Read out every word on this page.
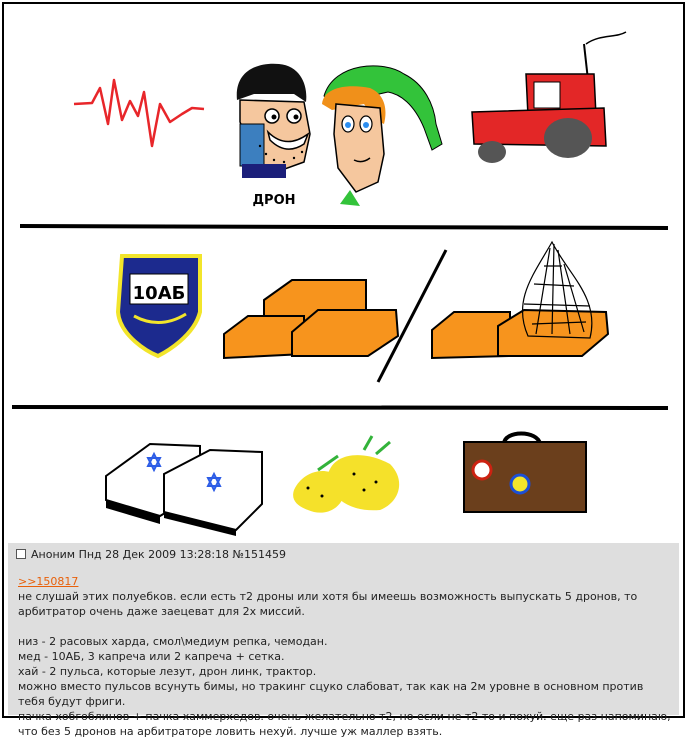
ДРОН
10АБ
Аноним Пнд 28 Дек 2009 13:28:18 №151459

>>150817

не слушай этих полуебков. если есть т2 дроны или хотя бы имеешь возможность выпускать 5 дронов, то арбитратор очень даже заецеват для 2х миссий.

низ - 2 расовых харда, смол\медиум репка, чемодан.

мед - 10АБ, 3 капреча или 2 капреча + сетка.

хай - 2 пульса, которые лезут, дрон линк, трактор.

можно вместо пульсов всунуть бимы, но тракинг сцуко слабоват, так как на 2м уровне в основном против тебя будут фриги.

пачка хобгоблинов + пачка хаммерхедов. очень желательно т2, но если не т2 то и похуй. еще раз напоминаю, что без 5 дронов на арбитраторе ловить нехуй. лучше уж маллер взять.
